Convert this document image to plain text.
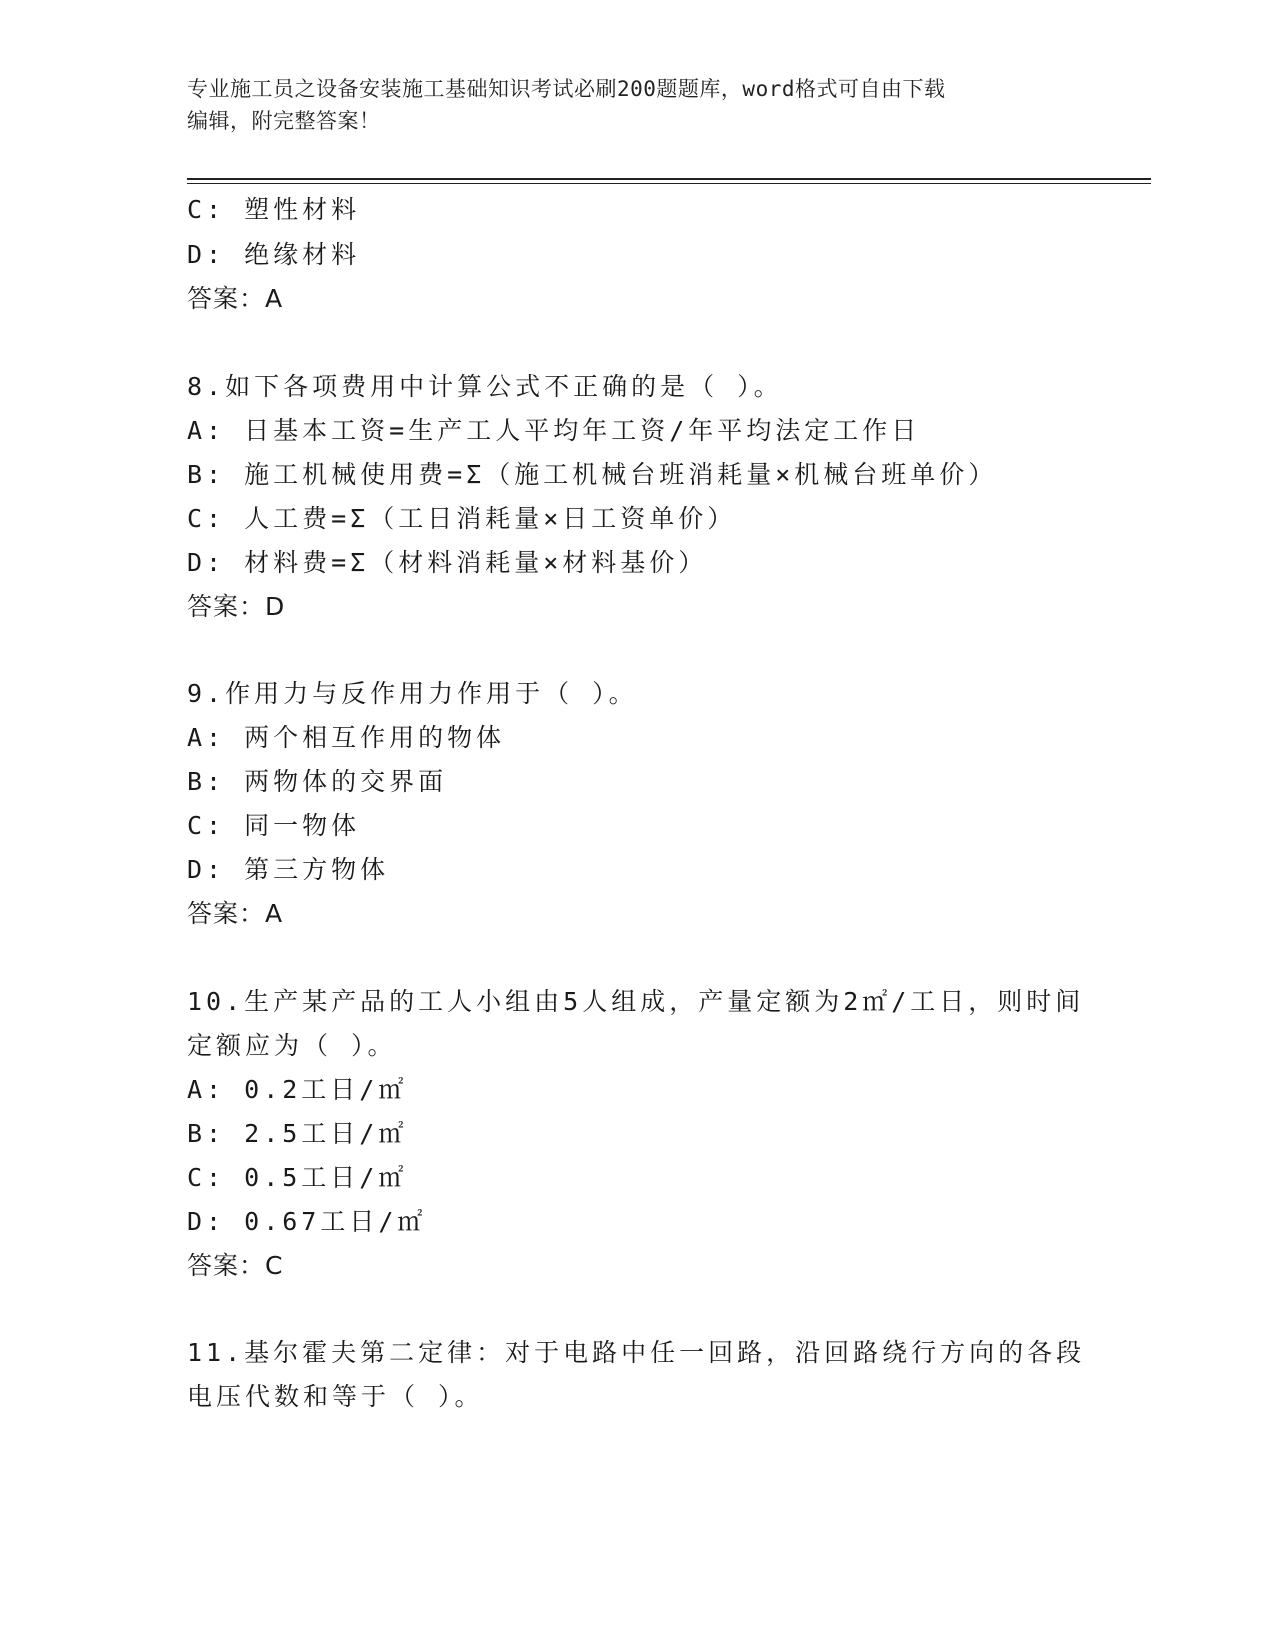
专业施工员之设备安装施工基础知识考试必刷200题题库，word格式可自由下载
编辑，附完整答案！
C: 塑性材料
D: 绝缘材料
答案：A
8.如下各项费用中计算公式不正确的是（ ）。
A: 日基本工资=生产工人平均年工资/年平均法定工作日
B: 施工机械使用费=Σ（施工机械台班消耗量×机械台班单价）
C: 人工费=Σ（工日消耗量×日工资单价）
D: 材料费=Σ（材料消耗量×材料基价）
答案：D
9.作用力与反作用力作用于（ ）。
A: 两个相互作用的物体
B: 两物体的交界面
C: 同一物体
D: 第三方物体
答案：A
10.生产某产品的工人小组由5人组成，产量定额为2㎡/工日，则时间
定额应为（ ）。
A: 0.2工日/㎡
B: 2.5工日/㎡
C: 0.5工日/㎡
D: 0.67工日/㎡
答案：C
11.基尔霍夫第二定律：对于电路中任一回路，沿回路绕行方向的各段
电压代数和等于（ ）。
